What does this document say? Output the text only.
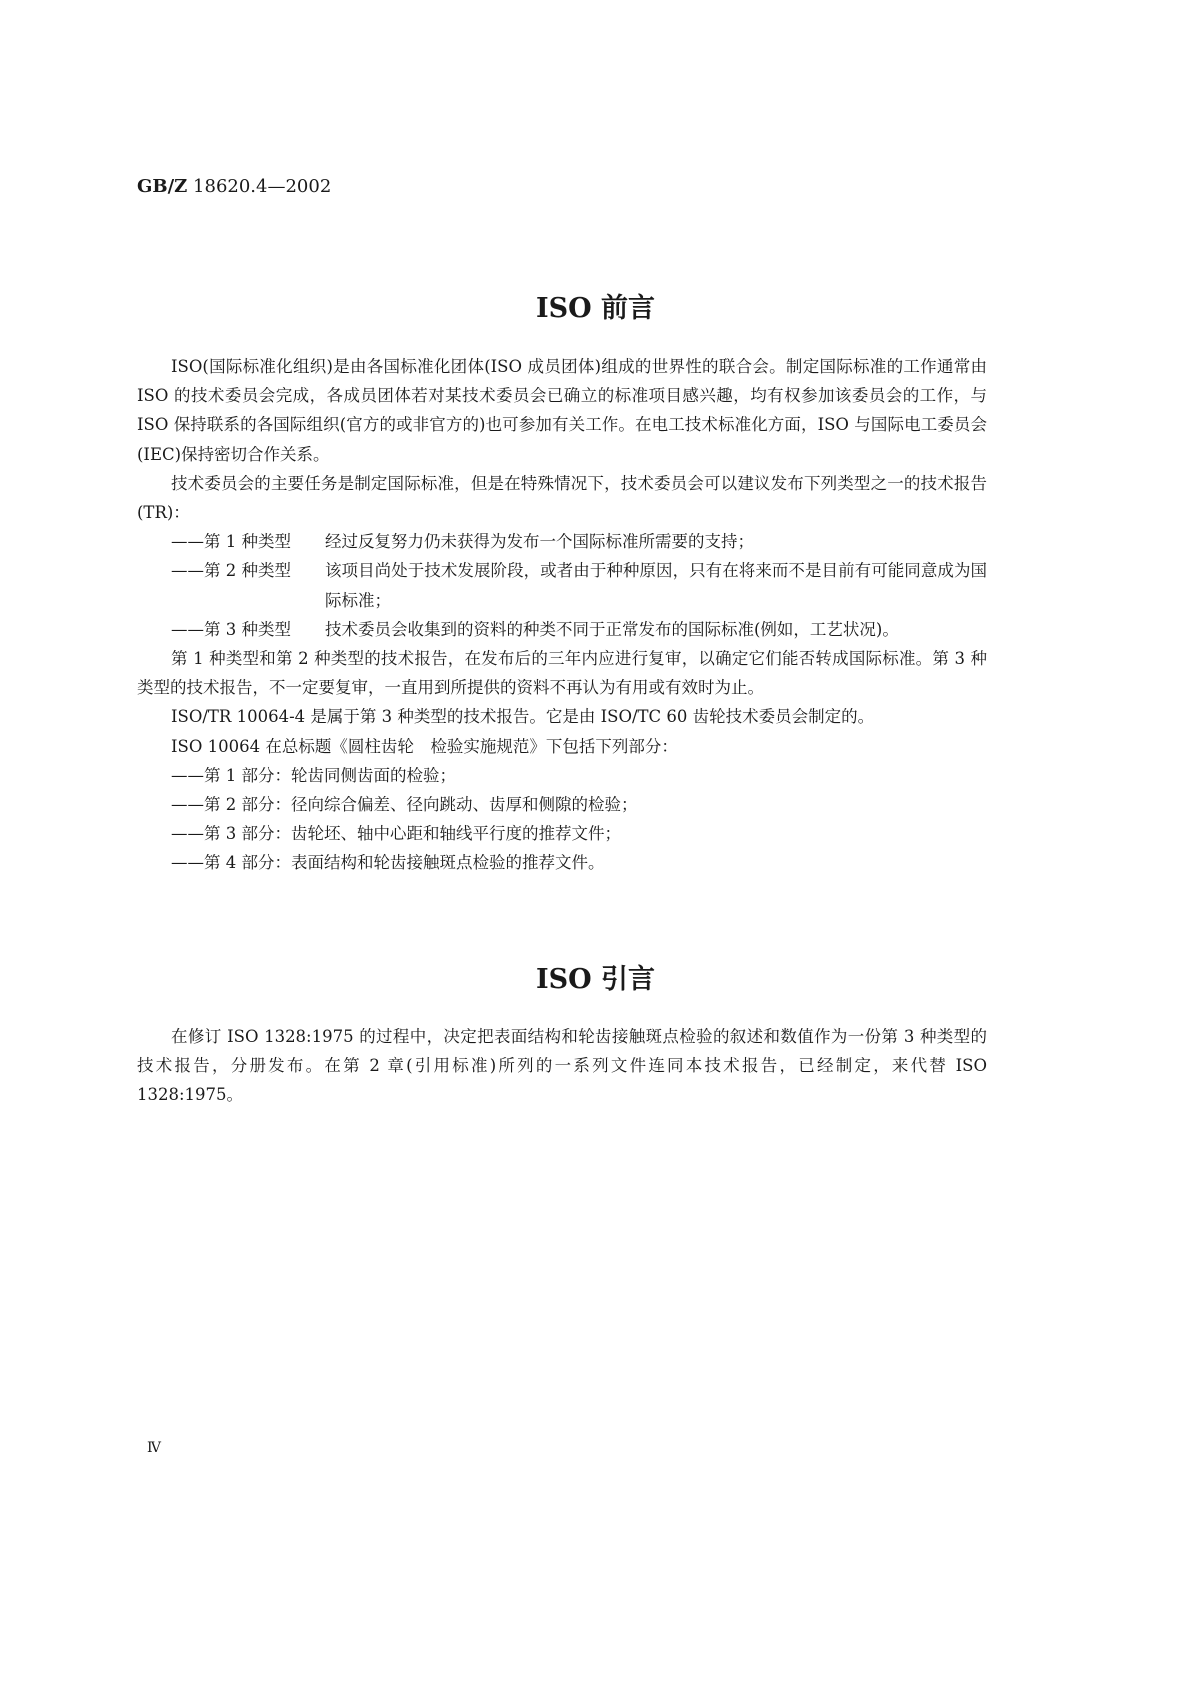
GB/Z 18620.4—2002
ISO 前言

ISO(国际标准化组织)是由各国标准化团体(ISO 成员团体)组成的世界性的联合会。制定国际标准的工作通常由 ISO 的技术委员会完成，各成员团体若对某技术委员会已确立的标准项目感兴趣，均有权参加该委员会的工作，与 ISO 保持联系的各国际组织(官方的或非官方的)也可参加有关工作。在电工技术标准化方面，ISO 与国际电工委员会(IEC)保持密切合作关系。

技术委员会的主要任务是制定国际标准，但是在特殊情况下，技术委员会可以建议发布下列类型之一的技术报告(TR)：

——第 1 种类型	经过反复努力仍未获得为发布一个国际标准所需要的支持；
——第 2 种类型	该项目尚处于技术发展阶段，或者由于种种原因，只有在将来而不是目前有可能同意成为国际标准；
——第 3 种类型	技术委员会收集到的资料的种类不同于正常发布的国际标准(例如，工艺状况)。

第 1 种类型和第 2 种类型的技术报告，在发布后的三年内应进行复审，以确定它们能否转成国际标准。第 3 种类型的技术报告，不一定要复审，一直用到所提供的资料不再认为有用或有效时为止。

ISO/TR 10064-4 是属于第 3 种类型的技术报告。它是由 ISO/TC 60 齿轮技术委员会制定的。

ISO 10064 在总标题《圆柱齿轮　检验实施规范》下包括下列部分：

——第 1 部分：轮齿同侧齿面的检验；

——第 2 部分：径向综合偏差、径向跳动、齿厚和侧隙的检验；

——第 3 部分：齿轮坯、轴中心距和轴线平行度的推荐文件；

——第 4 部分：表面结构和轮齿接触斑点检验的推荐文件。

ISO 引言

在修订 ISO 1328:1975 的过程中，决定把表面结构和轮齿接触斑点检验的叙述和数值作为一份第 3 种类型的技术报告，分册发布。在第 2 章(引用标准)所列的一系列文件连同本技术报告，已经制定，来代替 ISO 1328:1975。

Ⅳ
